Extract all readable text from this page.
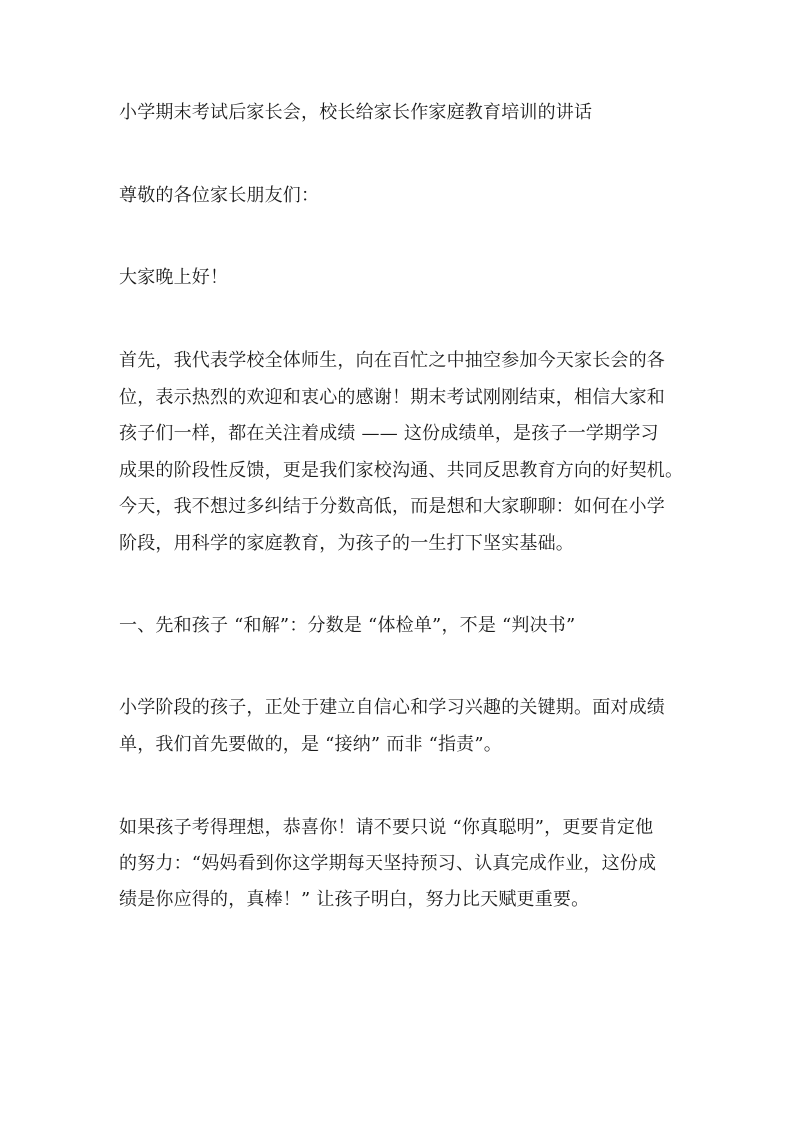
小学期末考试后家长会，校长给家长作家庭教育培训的讲话
尊敬的各位家长朋友们：
大家晚上好！
首先，我代表学校全体师生，向在百忙之中抽空参加今天家长会的各
位，表示热烈的欢迎和衷心的感谢！期末考试刚刚结束，相信大家和
孩子们一样，都在关注着成绩 —— 这份成绩单，是孩子一学期学习
成果的阶段性反馈，更是我们家校沟通、共同反思教育方向的好契机。
今天，我不想过多纠结于分数高低，而是想和大家聊聊：如何在小学
阶段，用科学的家庭教育，为孩子的一生打下坚实基础。
一、先和孩子 “和解”：分数是 “体检单”，不是 “判决书”
小学阶段的孩子，正处于建立自信心和学习兴趣的关键期。面对成绩
单，我们首先要做的，是 “接纳” 而非 “指责”。
如果孩子考得理想，恭喜你！请不要只说 “你真聪明”，更要肯定他
的努力：“妈妈看到你这学期每天坚持预习、认真完成作业，这份成
绩是你应得的，真棒！” 让孩子明白，努力比天赋更重要。
